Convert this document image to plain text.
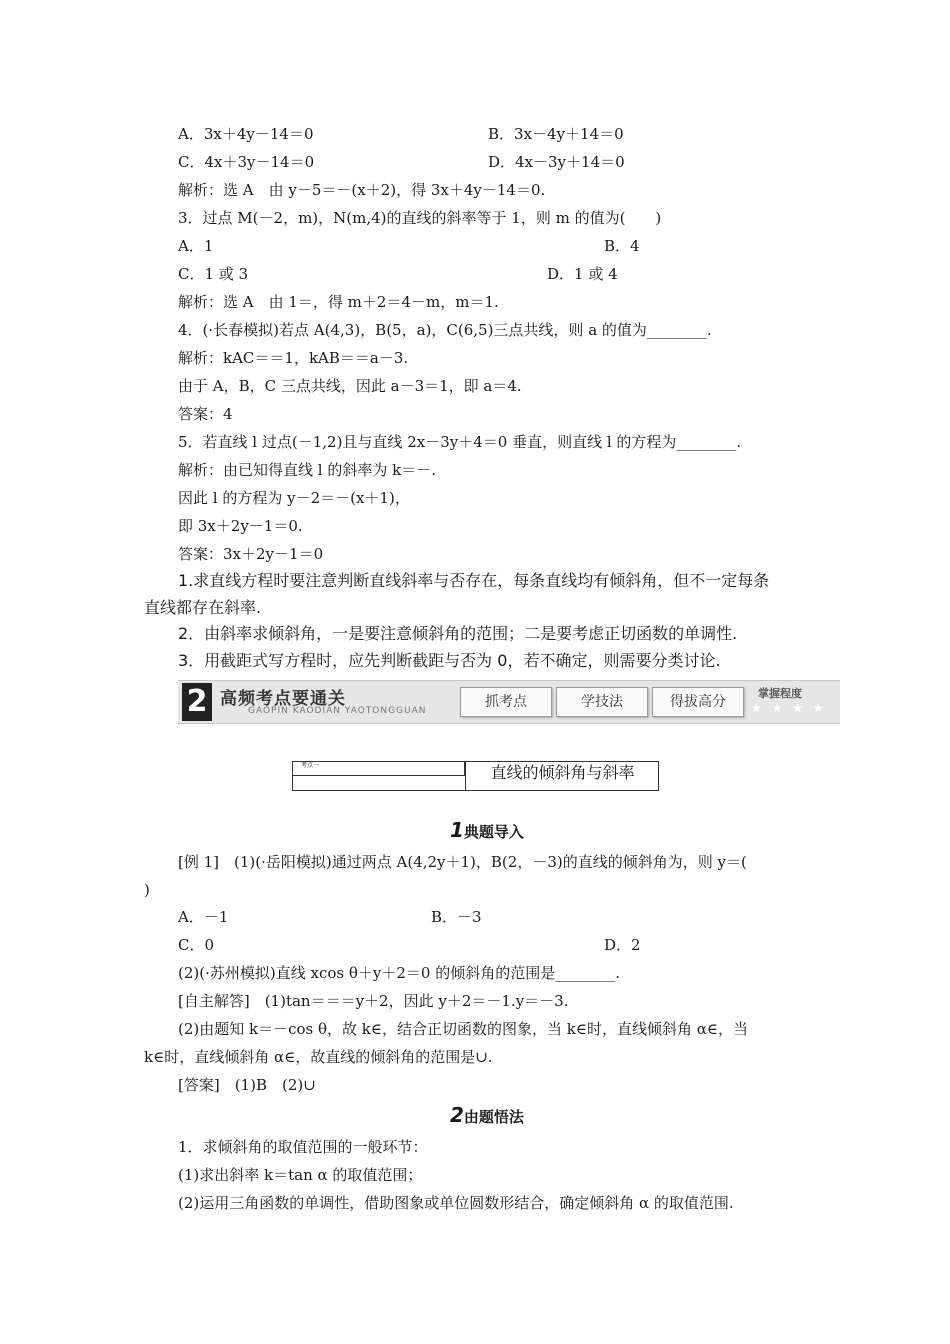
A．3x＋4y－14＝0	B．3x－4y＋14＝0
C．4x＋3y－14＝0	D．4x－3y＋14＝0
解析：选 A　由 y－5＝－(x＋2)，得 3x＋4y－14＝0.
3．过点 M(－2，m)，N(m,4)的直线的斜率等于 1，则 m 的值为(　　)
A．1	B．4
C．1 或 3	D．1 或 4
解析：选 A　由 1＝，得 m＋2＝4－m，m＝1.
4．(·长春模拟)若点 A(4,3)，B(5，a)，C(6,5)三点共线，则 a 的值为________.
解析：kAC＝＝1，kAB＝＝a－3.
由于 A，B，C 三点共线，因此 a－3＝1，即 a＝4.
答案：4
5．若直线 l 过点(－1,2)且与直线 2x－3y＋4＝0 垂直，则直线 l 的方程为________.
解析：由已知得直线 l 的斜率为 k＝－.
因此 l 的方程为 y－2＝－(x＋1)，
即 3x＋2y－1＝0.
答案：3x＋2y－1＝0
1.求直线方程时要注意判断直线斜率与否存在，每条直线均有倾斜角，但不一定每条
直线都存在斜率.
2．由斜率求倾斜角，一是要注意倾斜角的范围；二是要考虑正切函数的单调性.
3．用截距式写方程时，应先判断截距与否为 0，若不确定，则需要分类讨论.
2 高频考点要通关
GAOPIN KAODIAN YAOTONGGUAN
抓考点	学技法	得拔高分
掌握程度
★ ★ ★ ★
考点一	直线的倾斜角与斜率
1典题导入
[例 1]　(1)(·岳阳模拟)通过两点 A(4,2y＋1)，B(2，－3)的直线的倾斜角为，则 y＝(
)
A．－1	B．－3
C．0	D．2
(2)(·苏州模拟)直线 xcos θ＋y＋2＝0 的倾斜角的范围是________.
[自主解答]　(1)tan＝＝＝y＋2，因此 y＋2＝－1.y＝－3.
(2)由题知 k＝－cos θ，故 k∈，结合正切函数的图象，当 k∈时，直线倾斜角 α∈，当
k∈时，直线倾斜角 α∈，故直线的倾斜角的范围是∪.
[答案]　(1)B　(2)∪
2由题悟法
1．求倾斜角的取值范围的一般环节：
(1)求出斜率 k＝tan α 的取值范围；
(2)运用三角函数的单调性，借助图象或单位圆数形结合，确定倾斜角 α 的取值范围.
